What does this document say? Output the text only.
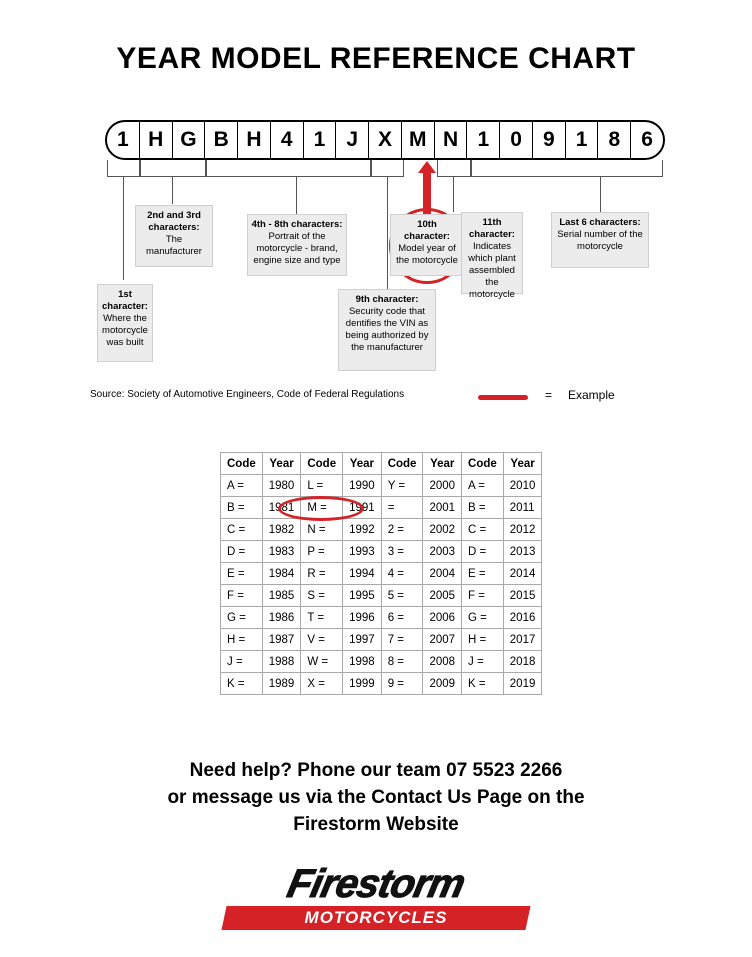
YEAR MODEL REFERENCE CHART
1 H G B H 4	1	J X M N 1	0	9	1	8	6
1st character:
Where the motorcycle was built
2nd and 3rd characters:
The manufacturer
4th - 8th characters:
Portrait of the motorcycle - brand, engine size and type
9th character:
Security code that dentifies the VIN as being authorized by the manufacturer
10th character:
Model year of the motorcycle
11th character:
Indicates which plant assembled the motorcycle
Last 6 characters:
Serial number of the motorcycle
Source: Society of Automotive Engineers, Code of Federal Regulations	= Example
Code	Year	Code	Year	Code	Year	Code	Year
A =	1980	L =	1990	Y =	2000	A =	2010
B =	1981	M =	1991	=	2001	B =	2011
C =	1982	N =	1992	2 =	2002	C =	2012
D =	1983	P =	1993	3 =	2003	D =	2013
E =	1984	R =	1994	4 =	2004	E =	2014
F =	1985	S =	1995	5 =	2005	F =	2015
G =	1986	T =	1996	6 =	2006	G =	2016
H =	1987	V =	1997	7 =	2007	H =	2017
J =	1988	W =	1998	8 =	2008	J =	2018
K =	1989	X =	1999	9 =	2009	K =	2019
Need help? Phone our team 07 5523 2266
or message us via the Contact Us Page on the
Firestorm Website
Firestorm
MOTORCYCLES
